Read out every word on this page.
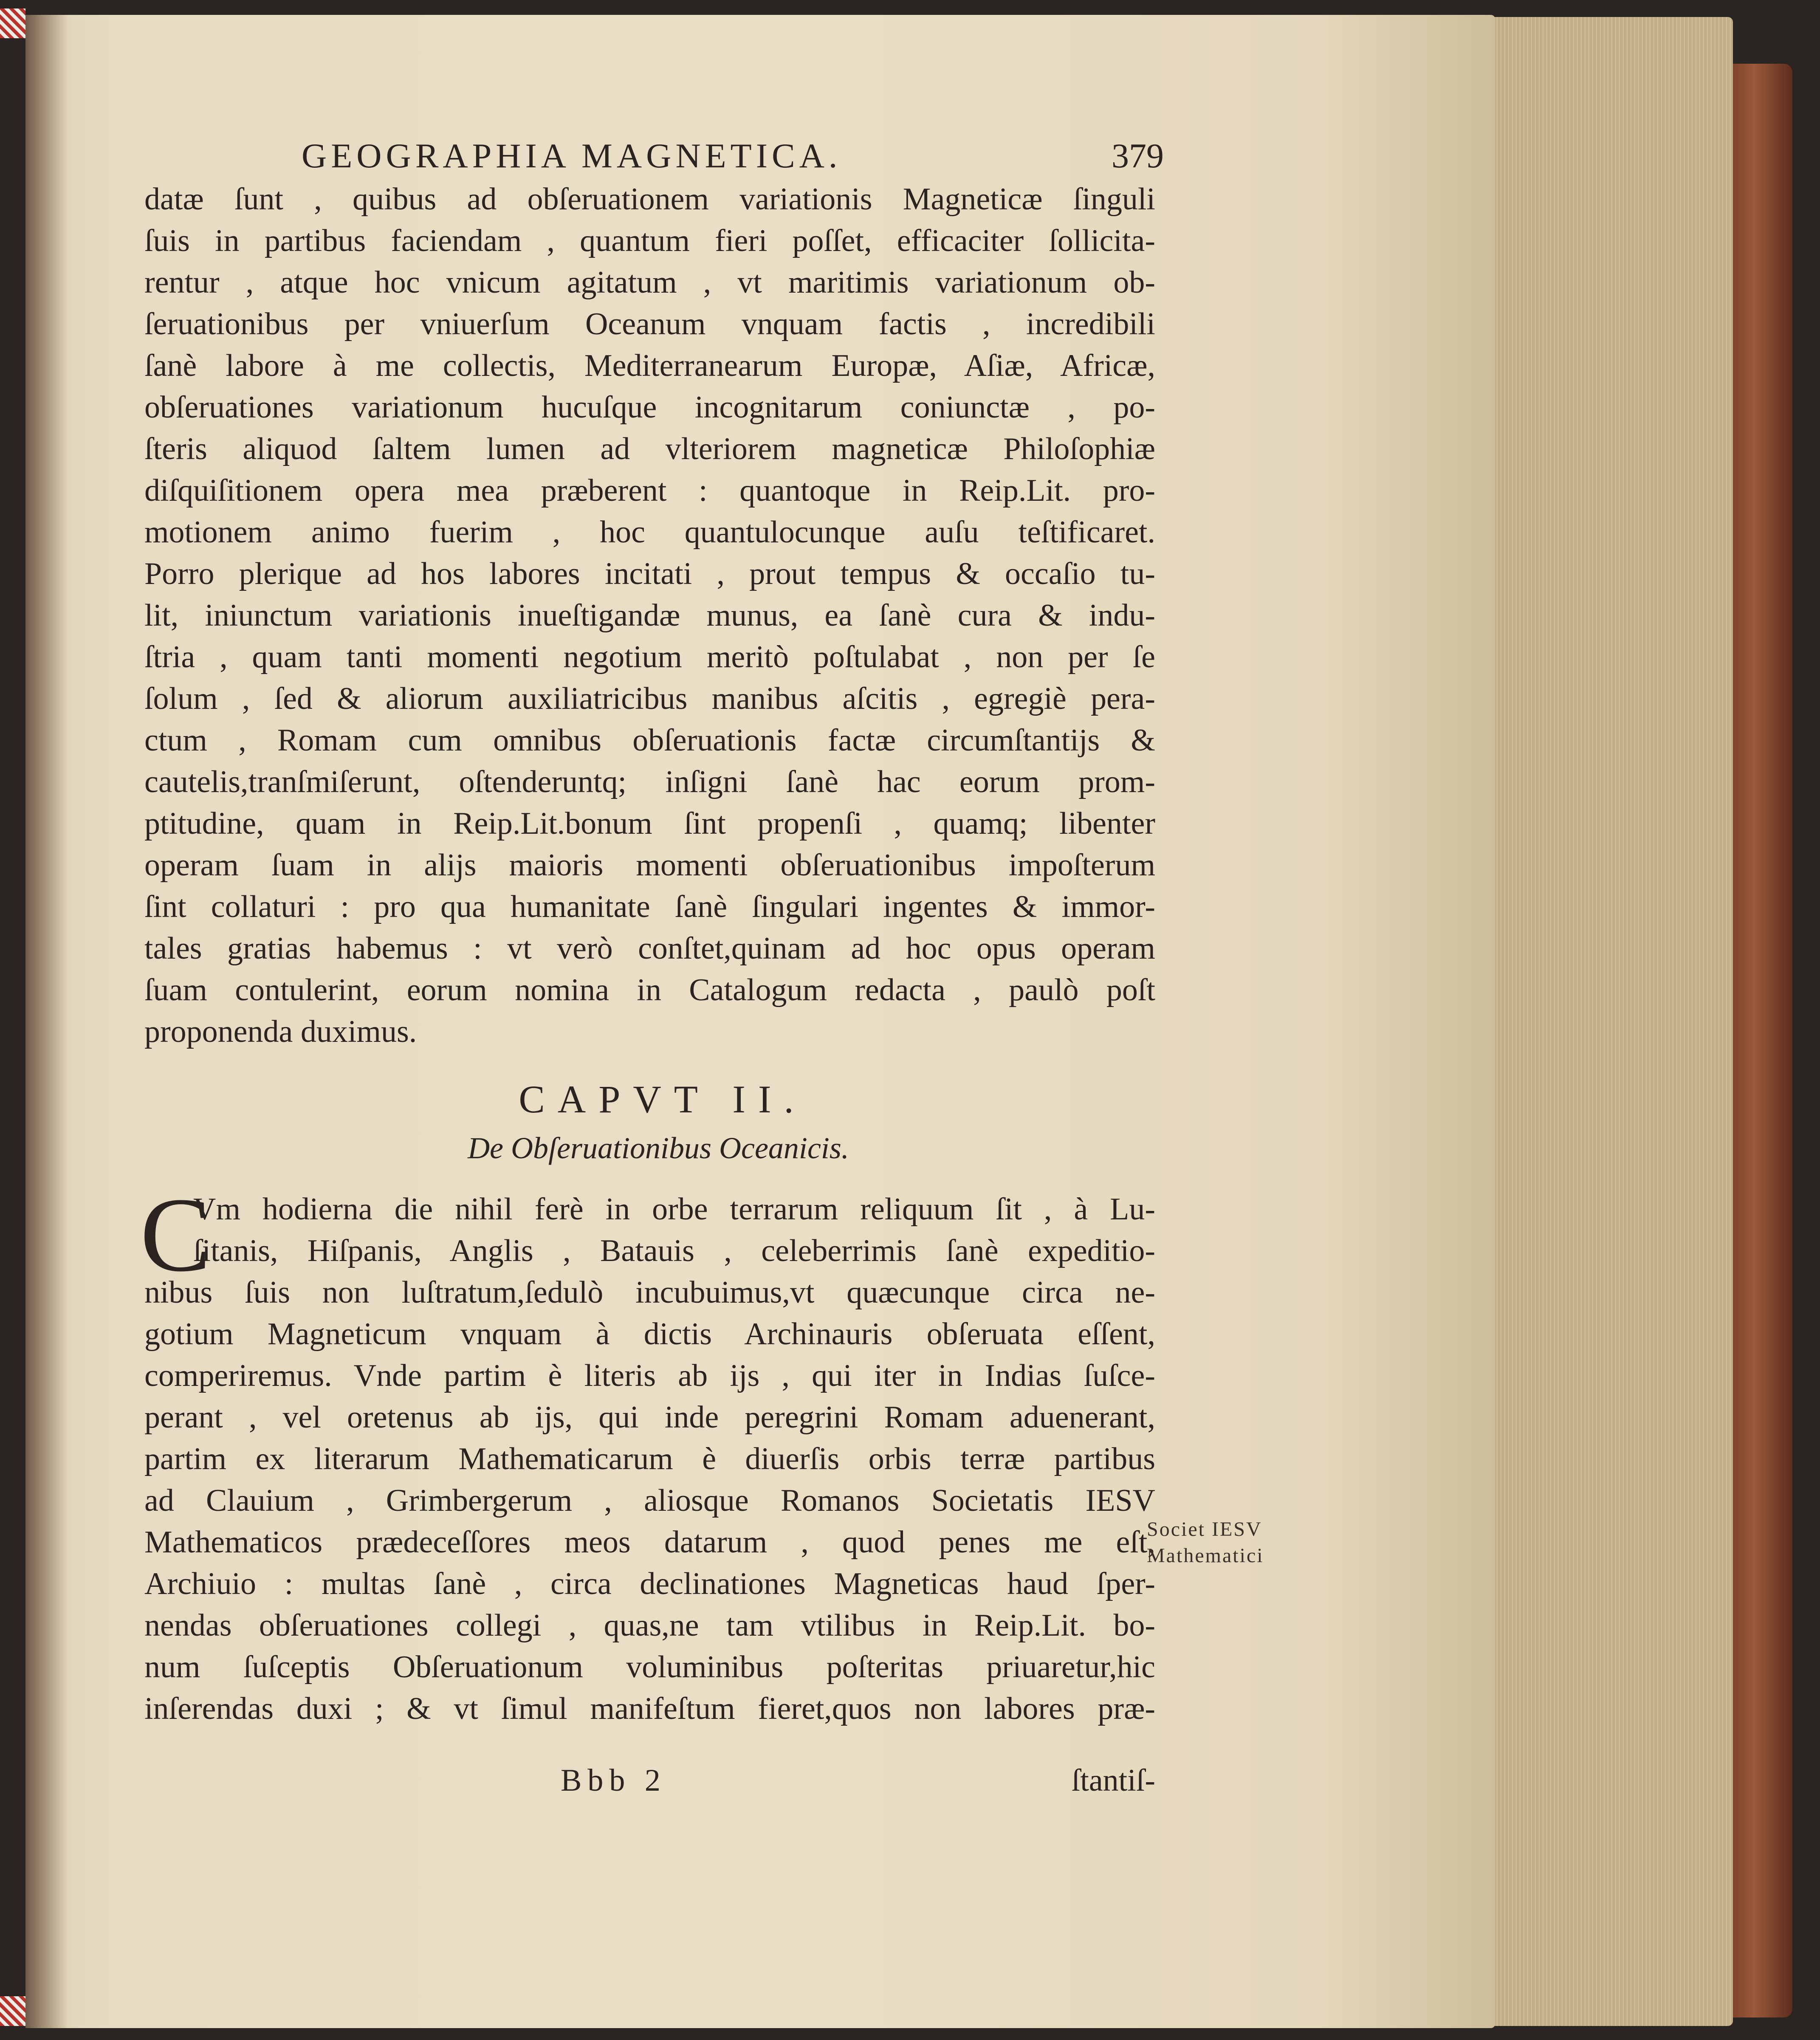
GEOGRAPHIA MAGNETICA.	379
datæ ſunt , quibus ad obſeruationem variationis Magneticæ ſinguli
ſuis in partibus faciendam , quantum fieri poſſet, efficaciter ſollicita-
rentur , atque hoc vnicum agitatum , vt maritimis variationum ob-
ſeruationibus per vniuerſum Oceanum vnquam factis , incredibili
ſanè labore à me collectis, Mediterranearum Europæ, Aſiæ, Africæ,
obſeruationes variationum hucuſque incognitarum coniunctæ , po-
ſteris aliquod ſaltem lumen ad vlteriorem magneticæ Philoſophiæ
diſquiſitionem opera mea præberent : quantoque in Reip.Lit. pro-
motionem animo fuerim , hoc quantulocunque auſu teſtificaret.
Porro plerique ad hos labores incitati , prout tempus & occaſio tu-
lit, iniunctum variationis inueſtigandæ munus, ea ſanè cura & indu-
ſtria , quam tanti momenti negotium meritò poſtulabat , non per ſe
ſolum , ſed & aliorum auxiliatricibus manibus aſcitis , egregiè pera-
ctum , Romam cum omnibus obſeruationis factæ circumſtantijs &
cautelis,tranſmiſerunt, oſtenderuntq; inſigni ſanè hac eorum prom-
ptitudine, quam in Reip.Lit.bonum ſint propenſi , quamq; libenter
operam ſuam in alijs maioris momenti obſeruationibus impoſterum
ſint collaturi : pro qua humanitate ſanè ſingulari ingentes & immor-
tales gratias habemus : vt verò conſtet,quinam ad hoc opus operam
ſuam contulerint, eorum nomina in Catalogum redacta , paulò poſt
proponenda duximus.
CAPVT II.
De Obſeruationibus Oceanicis.
C
Vm hodierna die nihil ferè in orbe terrarum reliquum ſit , à Lu-
ſitanis, Hiſpanis, Anglis , Batauis , celeberrimis ſanè expeditio-
nibus ſuis non luſtratum,ſedulò incubuimus,vt quæcunque circa ne-
gotium Magneticum vnquam à dictis Archinauris obſeruata eſſent,
comperiremus. Vnde partim è literis ab ijs , qui iter in Indias ſuſce-
perant , vel oretenus ab ijs, qui inde peregrini Romam aduenerant,
partim ex literarum Mathematicarum è diuerſis orbis terræ partibus
ad Clauium , Grimbergerum , aliosque Romanos Societatis IESV
Mathematicos prædeceſſores meos datarum , quod penes me eſt,
Archiuio : multas ſanè , circa declinationes Magneticas haud ſper-
nendas obſeruationes collegi , quas,ne tam vtilibus in Reip.Lit. bo-
num ſuſceptis Obſeruationum voluminibus poſteritas priuaretur,hic
inſerendas duxi ; & vt ſimul manifeſtum fieret,quos non labores præ-
Societ IESV
Mathematici
Bbb 2	ſtantiſ-
